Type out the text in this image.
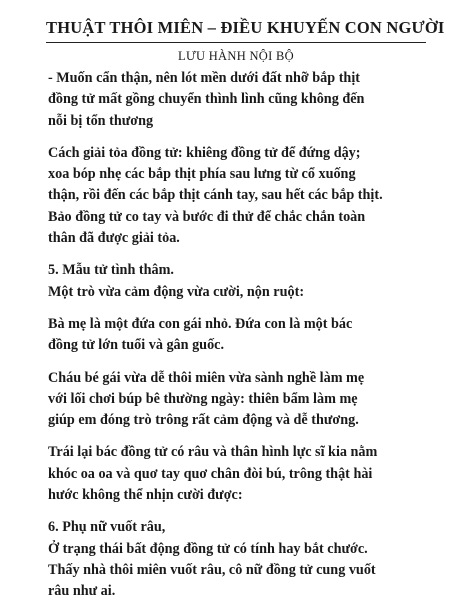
THUẬT THÔI MIÊN – ĐIỀU KHUYẾN CON NGƯỜI
LƯU HÀNH NỘI BỘ
- Muốn cẩn thận, nên lót mền dưới đất nhỡ bắp thịt
đồng tử mất gồng chuyển thình lình cũng không đến
nỗi bị tổn thương
Cách giải tỏa đồng tử: khiêng đồng tử để đứng dậy;
xoa bóp nhẹ các bắp thịt phía sau lưng từ cổ xuống
thận, rồi đến các bắp thịt cánh tay, sau hết các bắp thịt.
Bảo đồng tử co tay và bước đi thử để chắc chắn toàn
thân đã được giải tỏa.
5. Mẫu tử tình thâm.
Một trò vừa cảm động vừa cười, nộn ruột:
Bà mẹ là một đứa con gái nhỏ. Đứa con là một bác
đồng tử lớn tuổi và gân guốc.
Cháu bé gái vừa dễ thôi miên vừa sành nghề làm mẹ
với lối chơi búp bê thường ngày: thiên bẩm làm mẹ
giúp em đóng trò trông rất cảm động và dễ thương.
Trái lại bác đồng tử có râu và thân hình lực sĩ kia nằm
khóc oa oa và quơ tay quơ chân đòi bú, trông thật hài
hước không thể nhịn cười được:
6. Phụ nữ vuốt râu,
Ở trạng thái bất động đồng tử có tính hay bắt chước.
Thấy nhà thôi miên vuốt râu, cô nữ đồng tử cung vuốt
râu như ai.
